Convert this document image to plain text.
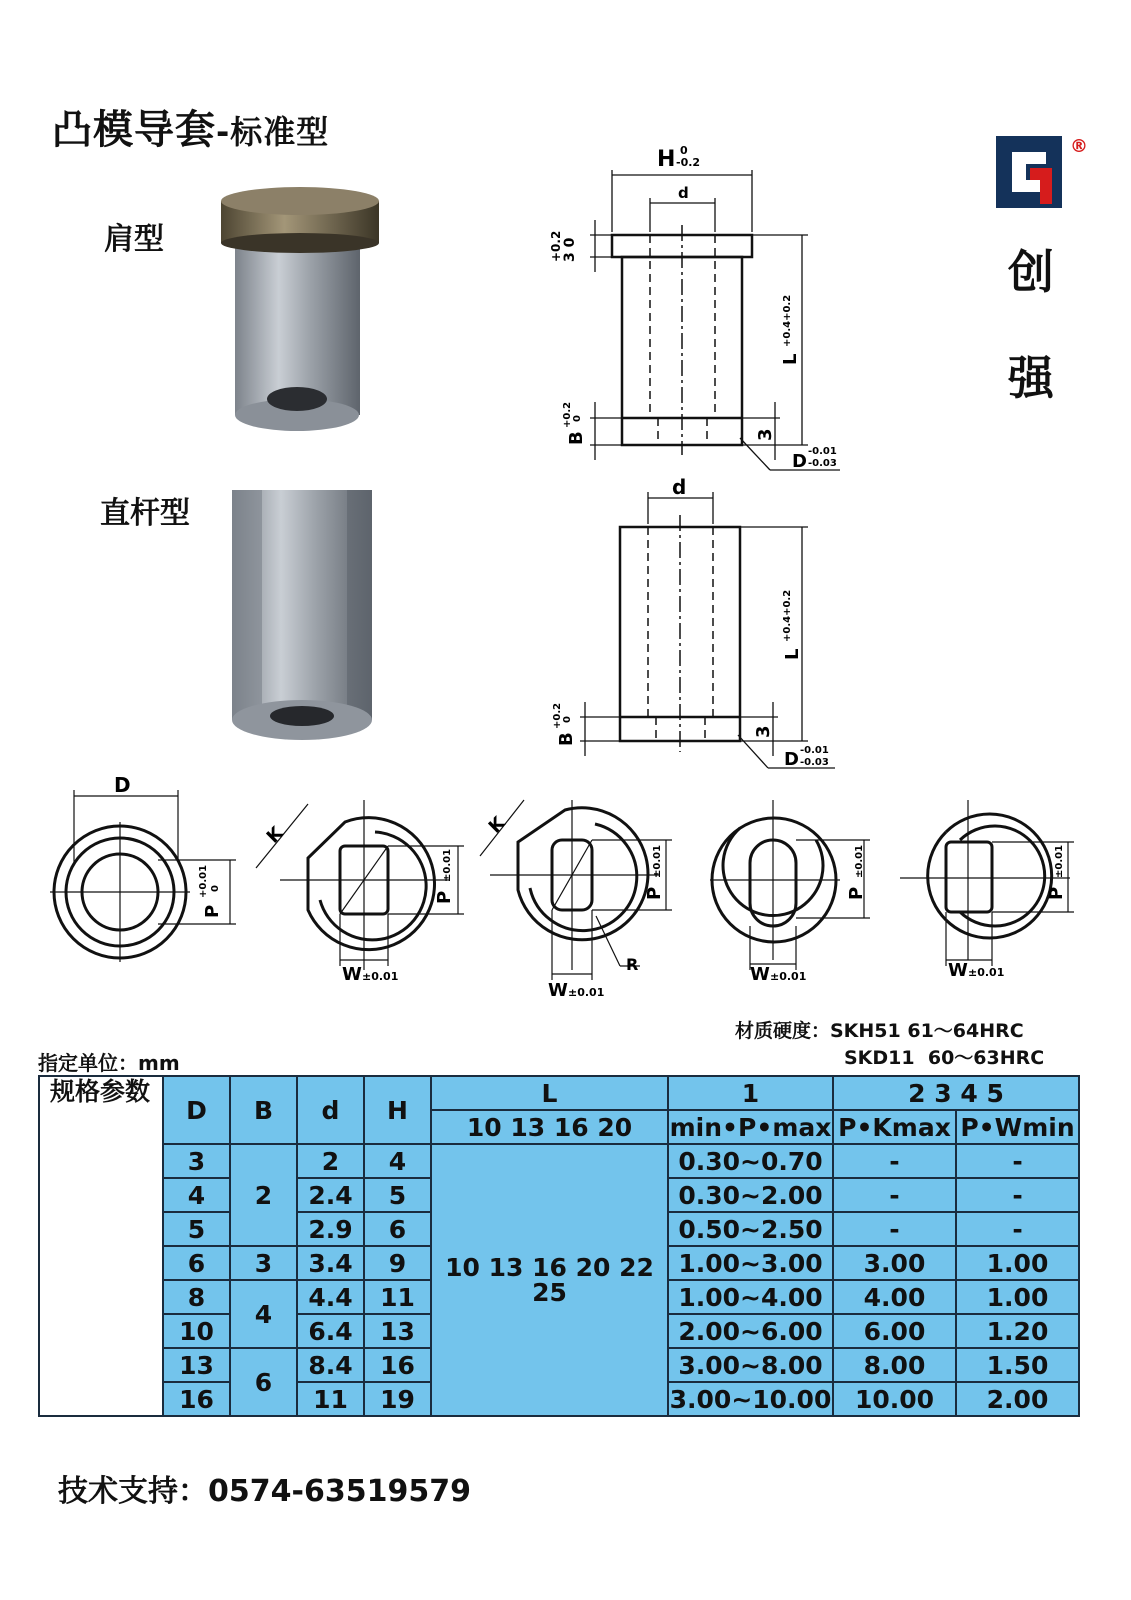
凸模导套-标准型
肩型
直杆型
H 0
-0.2
d
+0.2 3 0
L
+0.4+0.2
B
+0.2 0
3
D -0.01
-0.03
d
L
+0.4+0.2
B
+0.2 0
3
D -0.01
-0.03
®
创
强
D
P
+0.01 0
K
P
±0.01
W ±0.01
K
P
±0.01
W ±0.01
R
P
±0.01
W ±0.01
P
±0.01
W ±0.01
材质硬度：SKH51 61～64HRC
SKD11  60～63HRC
指定单位：mm
规格参数	D	B	d	H	L	1	2 3 4 5	
					10 13 16 20	min•P•max	P•Kmax	P•Wmin
	3	2	2	4	10 13 16 20 22 25	0.30~0.70	-	-
	4		2.4	5		0.30~2.00	-	-
	5		2.9	6		0.50~2.50	-	-
	6	3	3.4	9		1.00~3.00	3.00	1.00
	8	4	4.4	11		1.00~4.00	4.00	1.00
	10		6.4	13		2.00~6.00	6.00	1.20
	13	6	8.4	16		3.00~8.00	8.00	1.50
	16		11	19		3.00~10.00	10.00	2.00
技术支持：0574-63519579
